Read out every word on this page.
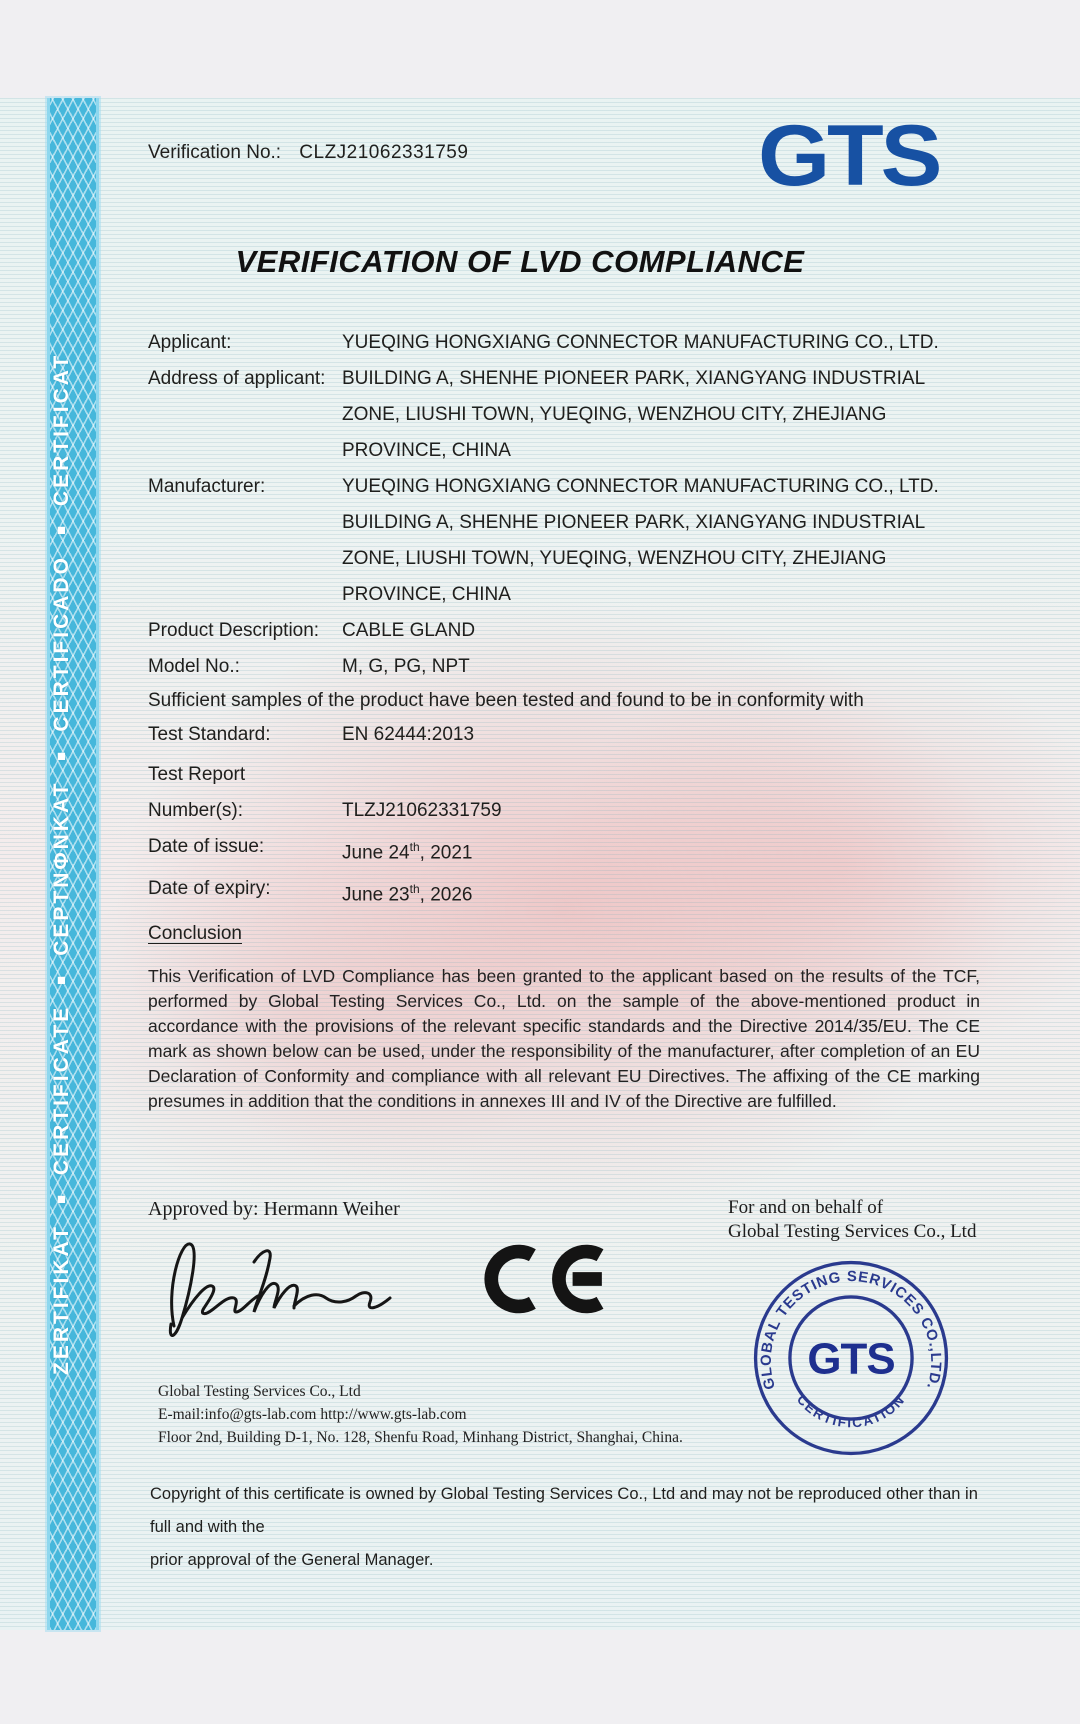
ZERTIFIKAT■CERTIFICATE■CEPTNΦNKAT■CERTIFICADO■CERTIFICAT
Verification No.: CLZJ21062331759	GTS
VERIFICATION OF LVD COMPLIANCE
Applicant:	YUEQING HONGXIANG CONNECTOR MANUFACTURING CO., LTD.
Address of applicant: BUILDING A, SHENHE PIONEER PARK, XIANGYANG INDUSTRIAL
ZONE, LIUSHI TOWN, YUEQING, WENZHOU CITY, ZHEJIANG
PROVINCE, CHINA
Manufacturer:	YUEQING HONGXIANG CONNECTOR MANUFACTURING CO., LTD.
BUILDING A, SHENHE PIONEER PARK, XIANGYANG INDUSTRIAL
ZONE, LIUSHI TOWN, YUEQING, WENZHOU CITY, ZHEJIANG
PROVINCE, CHINA
Product Description:	CABLE GLAND
Model No.:	M, G, PG, NPT
Sufficient samples of the product have been tested and found to be in conformity with
Test Standard:	EN 62444:2013
Test Report
Number(s):	TLZJ21062331759
Date of issue:	June 24th, 2021
Date of expiry:	June 23th, 2026
Conclusion
This Verification of LVD Compliance has been granted to the applicant based on the results of the TCF, performed by Global Testing Services Co., Ltd. on the sample of the above-mentioned product in accordance with the provisions of the relevant specific standards and the Directive 2014/35/EU. The CE mark as shown below can be used, under the responsibility of the manufacturer, after completion of an EU Declaration of Conformity and compliance with all relevant EU Directives. The affixing of the CE marking presumes in addition that the conditions in annexes III and IV of the Directive are fulfilled.
Approved by: Hermann Weiher	For and on behalf of
Global Testing Services Co., Ltd
GLOBAL TESTING SERVICES CO.,LTD.
CERTIFICATION
GTS
Global Testing Services Co., Ltd
E-mail:info@gts-lab.com http://www.gts-lab.com
Floor 2nd, Building D-1, No. 128, Shenfu Road, Minhang District, Shanghai, China.
Copyright of this certificate is owned by Global Testing Services Co., Ltd and may not be reproduced other than in full and with the
prior approval of the General Manager.
